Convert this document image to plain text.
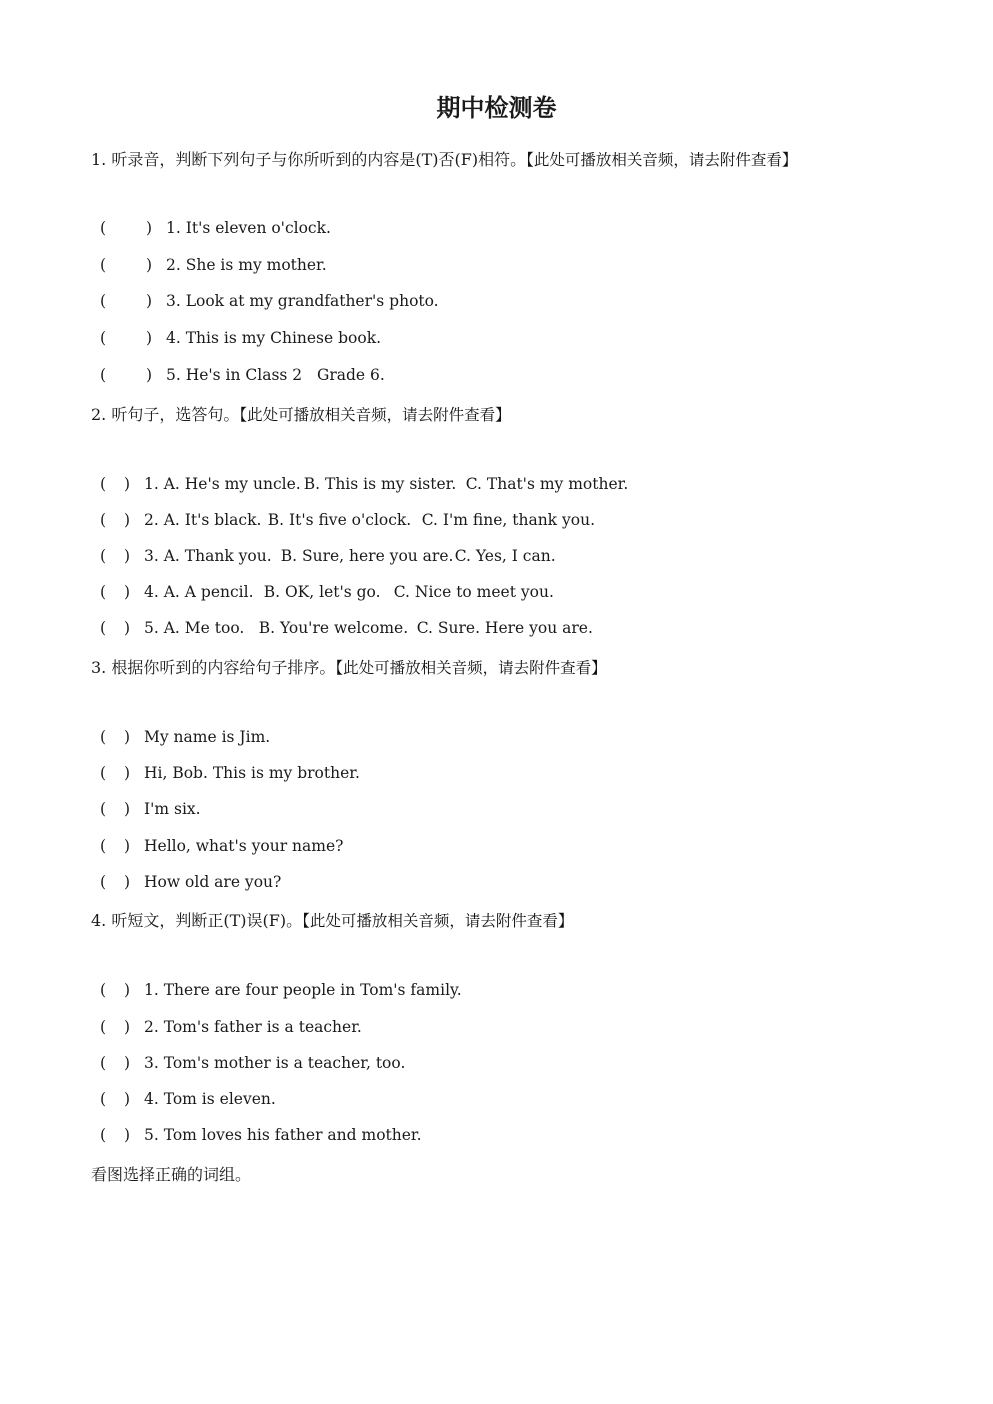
期中检测卷

1. 听录音，判断下列句子与你所听到的内容是(T)否(F)相符。【此处可播放相关音频，请去附件查看】

(	) 1. It's eleven o'clock.
(	) 2. She is my mother.
(	) 3. Look at my grandfather's photo.
(	) 4. This is my Chinese book.
(	) 5. He's in Class 2   Grade 6.

2. 听句子，选答句。【此处可播放相关音频，请去附件查看】

( ) 1. A. He's my uncle. B. This is my sister. C. That's my mother.
( ) 2. A. It's black. B. It's five o'clock. C. I'm fine, thank you.
( ) 3. A. Thank you. B. Sure, here you are.C. Yes, I can.
( ) 4. A. A pencil. B. OK, let's go. C. Nice to meet you.
( ) 5. A. Me too. B. You're welcome. C. Sure. Here you are.

3. 根据你听到的内容给句子排序。【此处可播放相关音频，请去附件查看】

( ) My name is Jim.
( ) Hi, Bob. This is my brother.
( ) I'm six.
( ) Hello, what's your name?
( ) How old are you?

4. 听短文，判断正(T)误(F)。【此处可播放相关音频，请去附件查看】

( ) 1. There are four people in Tom's family.
( ) 2. Tom's father is a teacher.
( ) 3. Tom's mother is a teacher, too.
( ) 4. Tom is eleven.
( ) 5. Tom loves his father and mother.

看图选择正确的词组。
